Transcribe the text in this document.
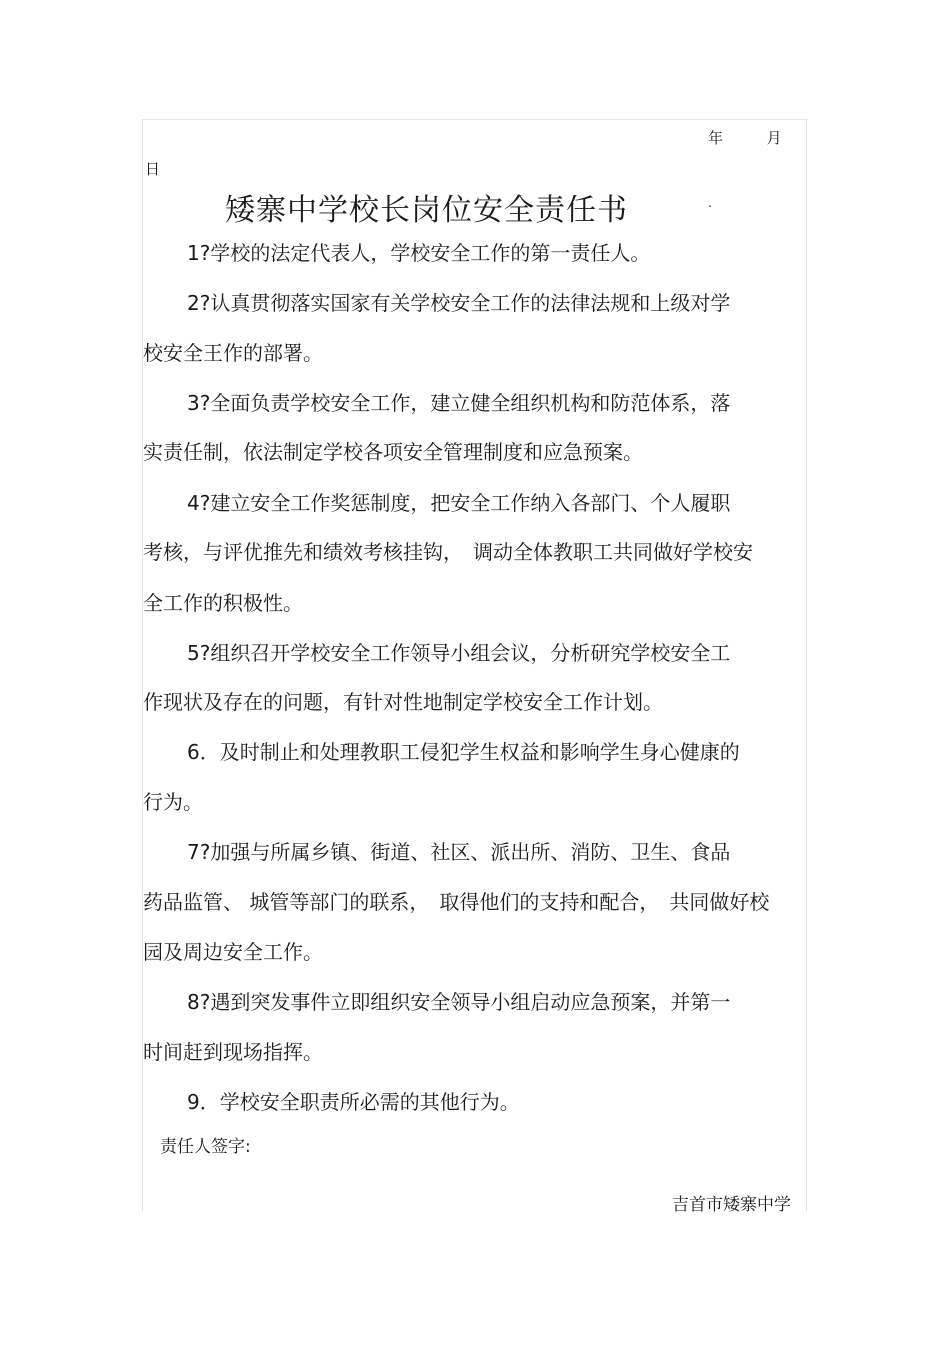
年	月
日
矮寨中学校长岗位安全责任书	.
1?学校的法定代表人，学校安全工作的第一责任人。
2?认真贯彻落实国家有关学校安全工作的法律法规和上级对学
校安全王作的部署。
3?全面负责学校安全工作，建立健全组织机构和防范体系，落
实责任制，依法制定学校各项安全管理制度和应急预案。
4?建立安全工作奖惩制度，把安全工作纳入各部门、个人履职
考核，与评优推先和绩效考核挂钩，　调动全体教职工共同做好学校安
全工作的积极性。
5?组织召开学校安全工作领导小组会议，分析研究学校安全工
作现状及存在的问题，有针对性地制定学校安全工作计划。
6．及时制止和处理教职工侵犯学生权益和影响学生身心健康的
行为。
7?加强与所属乡镇、街道、社区、派出所、消防、卫生、食品
药品监管、 城管等部门的联系，　取得他们的支持和配合，　共同做好校
园及周边安全工作。
8?遇到突发事件立即组织安全领导小组启动应急预案，并第一
时间赶到现场指挥。
9．学校安全职责所必需的其他行为。
责任人签字:
吉首市矮寨中学
